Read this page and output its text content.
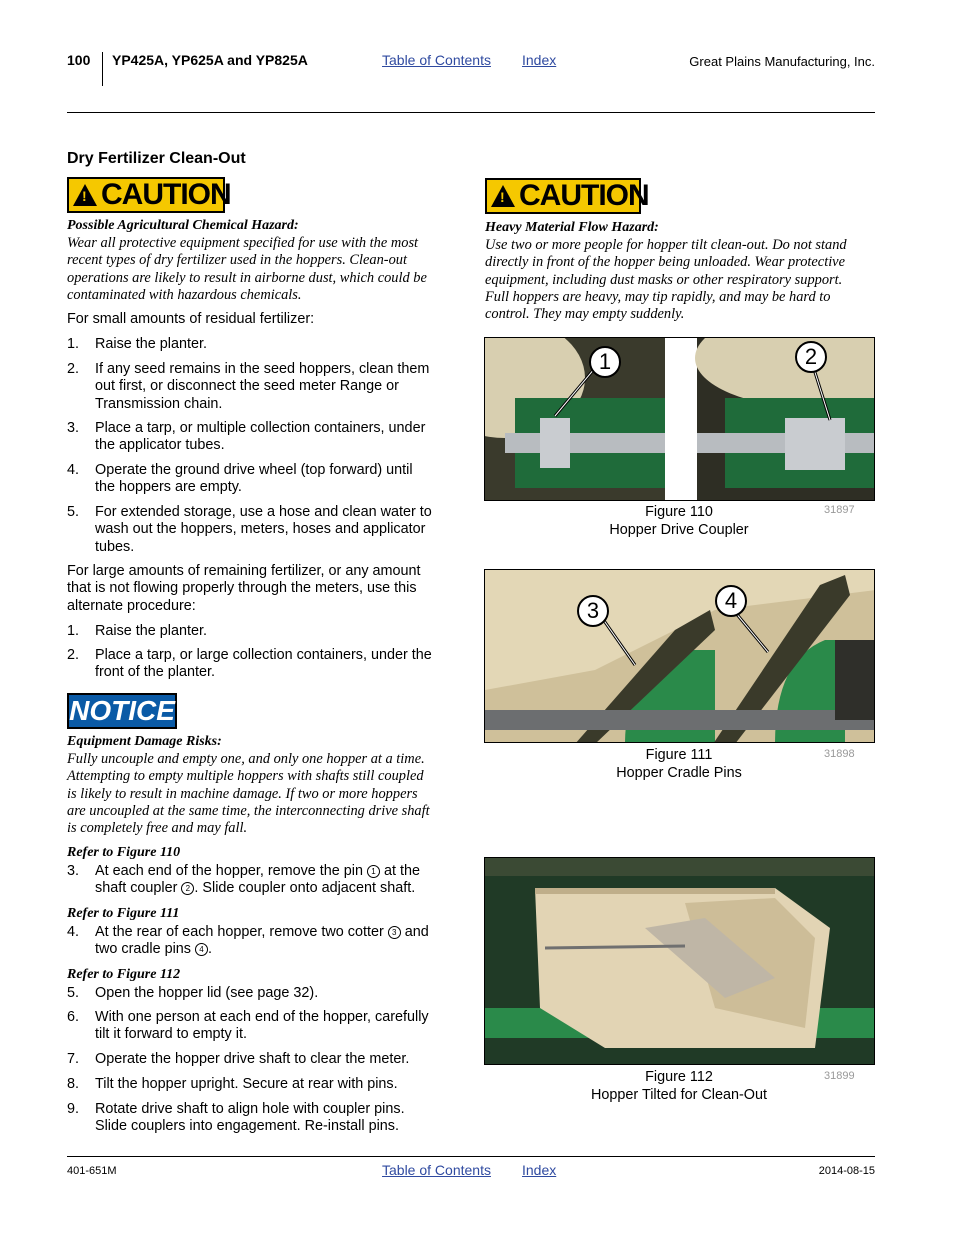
100 YP425A, YP625A and YP825A	Table of Contents Index	Great Plains Manufacturing, Inc.
Dry Fertilizer Clean-Out
!
CAUTION
Possible Agricultural Chemical Hazard:
Wear all protective equipment specified for use with the most
recent types of dry fertilizer used in the hoppers. Clean-out
operations are likely to result in airborne dust, which could be
contaminated with hazardous chemicals.
For small amounts of residual fertilizer:
1. Raise the planter.
2. If any seed remains in the seed hoppers, clean them
out first, or disconnect the seed meter Range or
Transmission chain.
3. Place a tarp, or multiple collection containers, under
the applicator tubes.
4. Operate the ground drive wheel (top forward) until
the hoppers are empty.
5. For extended storage, use a hose and clean water to
wash out the hoppers, meters, hoses and applicator
tubes.
For large amounts of remaining fertilizer, or any amount
that is not flowing properly through the meters, use this
alternate procedure:
1. Raise the planter.
2. Place a tarp, or large collection containers, under the
front of the planter.
NOTICE
Equipment Damage Risks:
Fully uncouple and empty one, and only one hopper at a time.
Attempting to empty multiple hoppers with shafts still coupled
is likely to result in machine damage. If two or more hoppers
are uncoupled at the same time, the interconnecting drive shaft
is completely free and may fall.
Refer to Figure 110
3. At each end of the hopper, remove the pin 1 at the
shaft coupler 2 . Slide coupler onto adjacent shaft.
Refer to Figure 111
4. At the rear of each hopper, remove two cotter 3 and
two cradle pins 4 .
Refer to Figure 112
5. Open the hopper lid (see page 32).
6. With one person at each end of the hopper, carefully
tilt it forward to empty it.
7. Operate the hopper drive shaft to clear the meter.
8. Tilt the hopper upright. Secure at rear with pins.
9. Rotate drive shaft to align hole with coupler pins.
Slide couplers into engagement. Re-install pins.
!
CAUTION
Heavy Material Flow Hazard:
Use two or more people for hopper tilt clean-out. Do not stand
directly in front of the hopper being unloaded. Wear protective
equipment, including dust masks or other respiratory support.
Full hoppers are heavy, may tip rapidly, and may be hard to
control. They may empty suddenly.
1	2
Figure 110
Hopper Drive Coupler
31897
3	4
Figure 111
Hopper Cradle Pins
31898
Figure 112
Hopper Tilted for Clean-Out
31899
401-651M	Table of Contents Index	2014-08-15
